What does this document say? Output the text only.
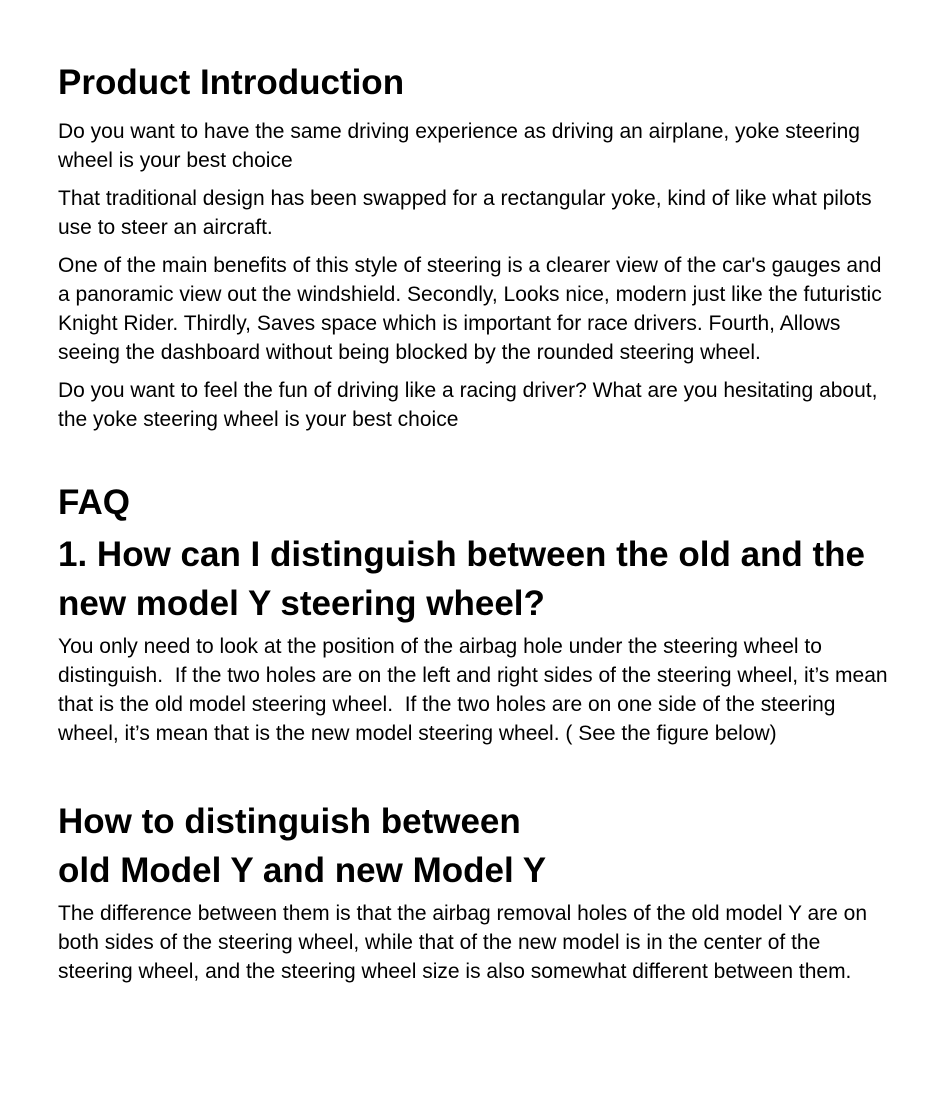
Product Introduction

Do you want to have the same driving experience as driving an airplane, yoke steering wheel is your best choice

That traditional design has been swapped for a rectangular yoke, kind of like what pilots use to steer an aircraft.

One of the main benefits of this style of steering is a clearer view of the car's gauges and a panoramic view out the windshield. Secondly, Looks nice, modern just like the futuristic Knight Rider. Thirdly, Saves space which is important for race drivers. Fourth, Allows seeing the dashboard without being blocked by the rounded steering wheel.

Do you want to feel the fun of driving like a racing driver? What are you hesitating about, the yoke steering wheel is your best choice

FAQ
1. How can I distinguish between the old and the new model Y steering wheel?

You only need to look at the position of the airbag hole under the steering wheel to distinguish.  If the two holes are on the left and right sides of the steering wheel, it’s mean that is the old model steering wheel.  If the two holes are on one side of the steering wheel, it’s mean that is the new model steering wheel. ( See the figure below)

How to distinguish between
old Model Y and new Model Y

The difference between them is that the airbag removal holes of the old model Y are on both sides of the steering wheel, while that of the new model is in the center of the steering wheel, and the steering wheel size is also somewhat different between them.
